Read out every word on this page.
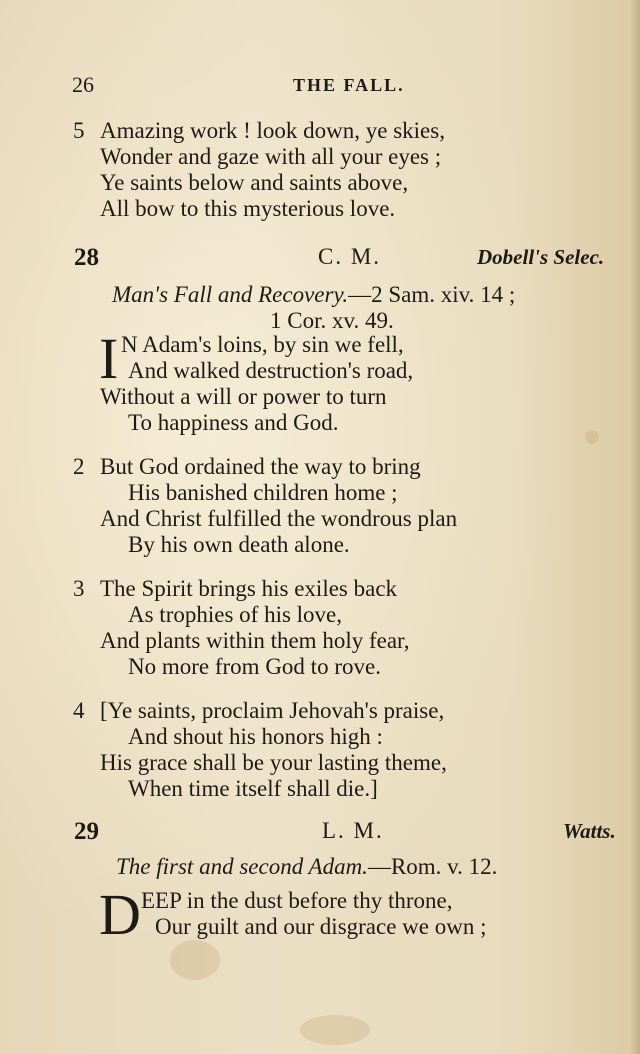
26	THE FALL.
5 Amazing work ! look down, ye skies,
Wonder and gaze with all your eyes ;
Ye saints below and saints above,
All bow to this mysterious love.
28	C. M.	Dobell's Selec.
Man's Fall and Recovery.—2 Sam. xiv. 14 ;
1 Cor. xv. 49.
I N Adam's loins, by sin we fell,
And walked destruction's road,
Without a will or power to turn
To happiness and God.
2 But God ordained the way to bring
His banished children home ;
And Christ fulfilled the wondrous plan
By his own death alone.
3 The Spirit brings his exiles back
As trophies of his love,
And plants within them holy fear,
No more from God to rove.
4 [Ye saints, proclaim Jehovah's praise,
And shout his honors high :
His grace shall be your lasting theme,
When time itself shall die.]
29	L. M.	Watts.
The first and second Adam.—Rom. v. 12.
D EEP in the dust before thy throne,
Our guilt and our disgrace we own ;
